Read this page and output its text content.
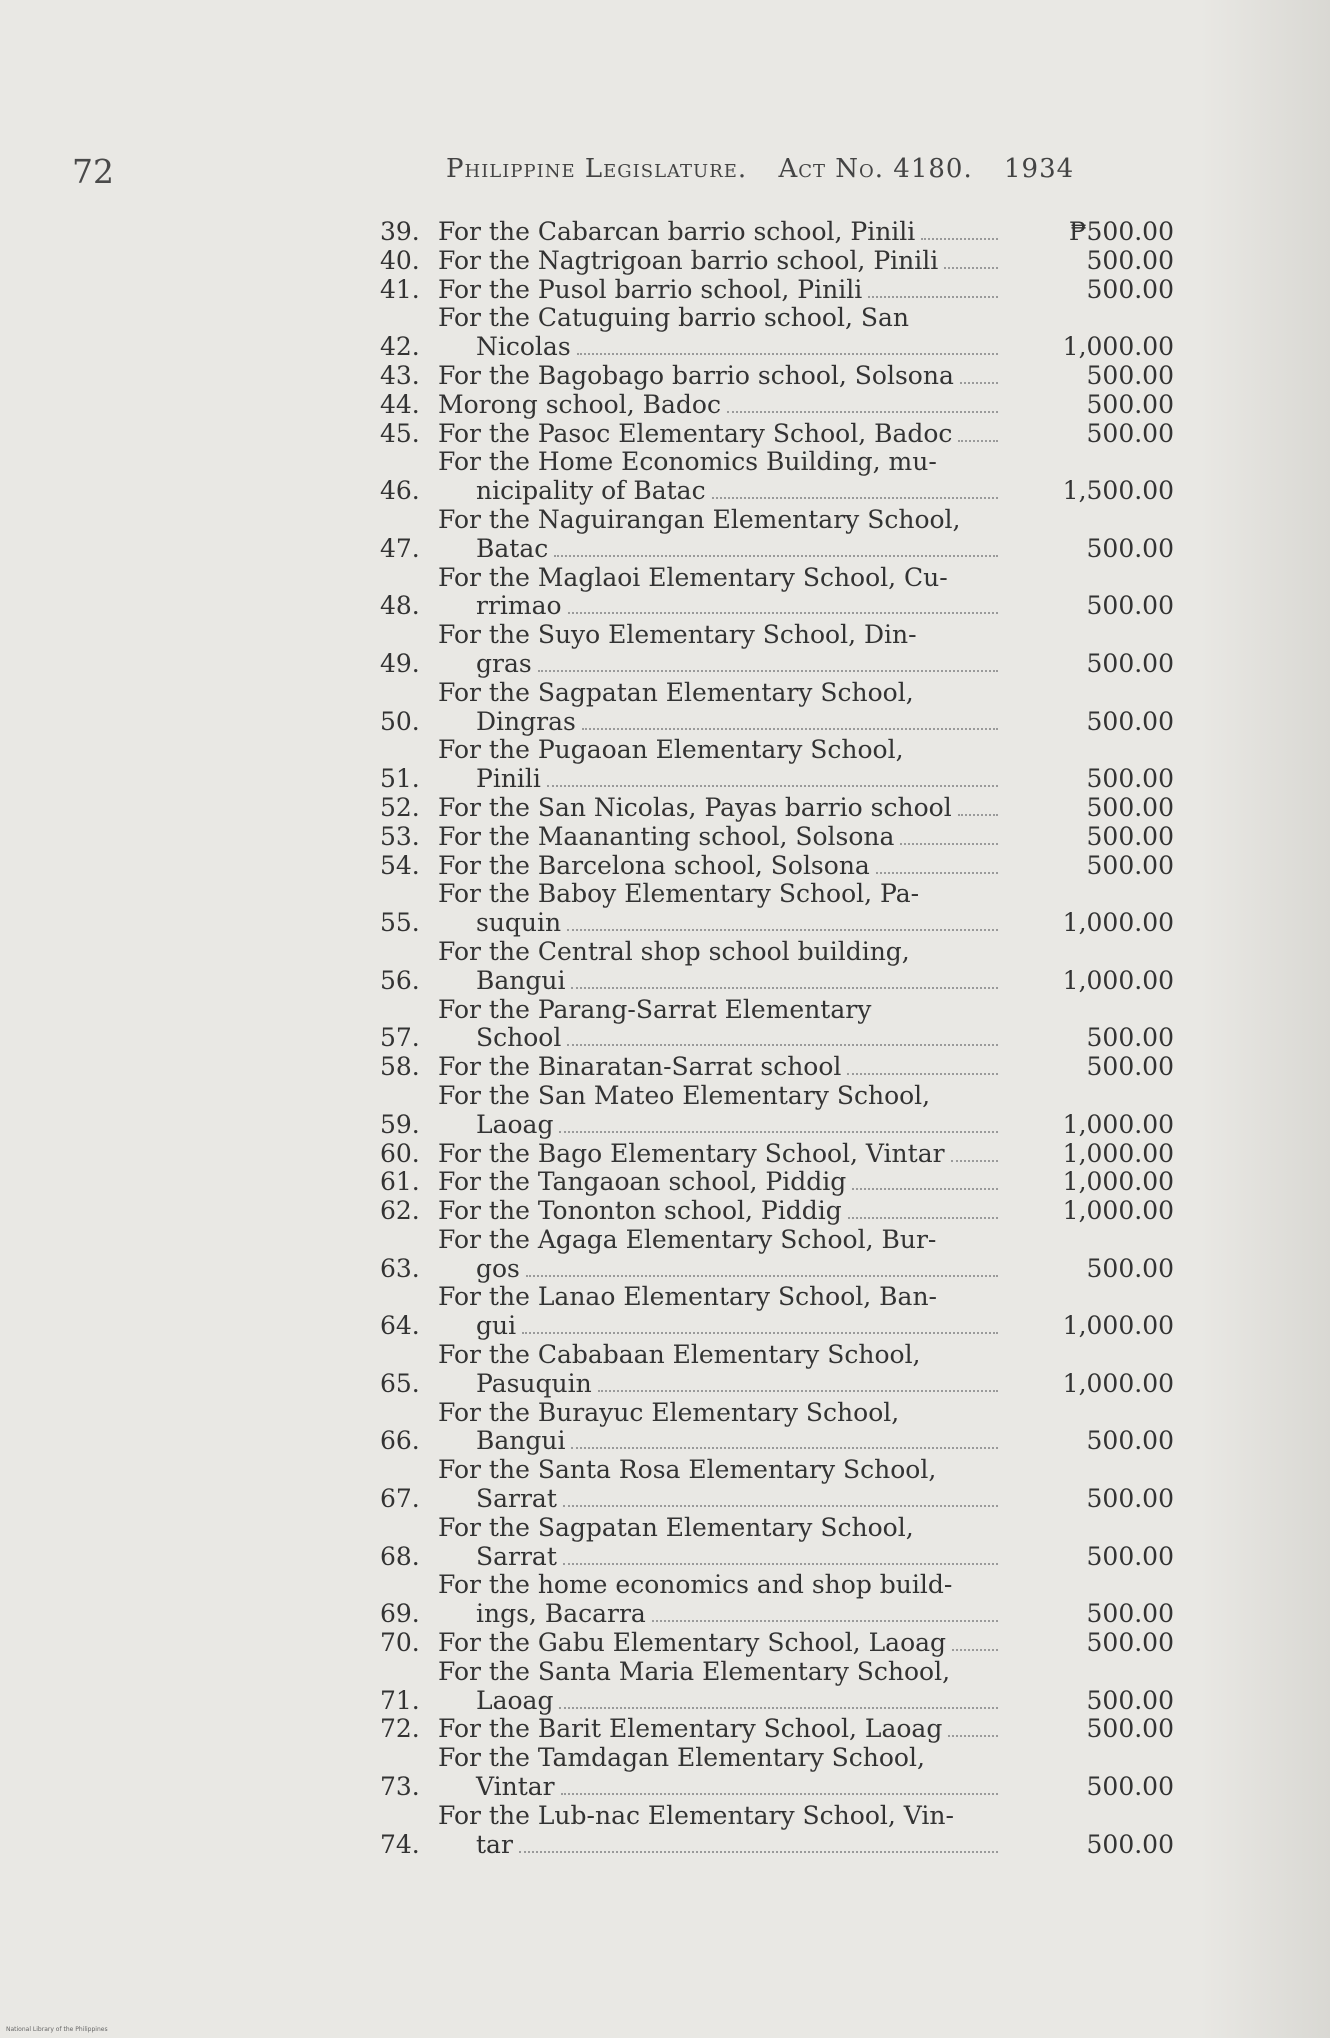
72	Philippine Legislature. Act No. 4180. 1934
39. For the Cabarcan barrio school, Pinili	₱500.00
40. For the Nagtrigoan barrio school, Pinili	500.00
41. For the Pusol barrio school, Pinili	500.00
42.
For the Catuguing barrio school, San
Nicolas	1,000.00
43. For the Bagobago barrio school, Solsona	500.00
44. Morong school, Badoc	500.00
45. For the Pasoc Elementary School, Badoc	500.00
46.
For the Home Economics Building, mu-
nicipality of Batac	1,500.00
47.
For the Naguirangan Elementary School,
Batac	500.00
48.
For the Maglaoi Elementary School, Cu-
rrimao	500.00
49.
For the Suyo Elementary School, Din-
gras	500.00
50.
For the Sagpatan Elementary School,
Dingras	500.00
51.
For the Pugaoan Elementary School,
Pinili	500.00
52. For the San Nicolas, Payas barrio school	500.00
53. For the Maananting school, Solsona	500.00
54. For the Barcelona school, Solsona	500.00
55.
For the Baboy Elementary School, Pa-
suquin	1,000.00
56.
For the Central shop school building,
Bangui	1,000.00
57.
For the Parang-Sarrat Elementary
School	500.00
58. For the Binaratan-Sarrat school	500.00
59.
For the San Mateo Elementary School,
Laoag	1,000.00
60. For the Bago Elementary School, Vintar	1,000.00
61. For the Tangaoan school, Piddig	1,000.00
62. For the Tononton school, Piddig	1,000.00
63.
For the Agaga Elementary School, Bur-
gos	500.00
64.
For the Lanao Elementary School, Ban-
gui	1,000.00
65.
For the Cababaan Elementary School,
Pasuquin	1,000.00
66.
For the Burayuc Elementary School,
Bangui	500.00
67.
For the Santa Rosa Elementary School,
Sarrat	500.00
68.
For the Sagpatan Elementary School,
Sarrat	500.00
69.
For the home economics and shop build-
ings, Bacarra	500.00
70. For the Gabu Elementary School, Laoag	500.00
71.
For the Santa Maria Elementary School,
Laoag	500.00
72. For the Barit Elementary School, Laoag	500.00
73.
For the Tamdagan Elementary School,
Vintar	500.00
74.
For the Lub-nac Elementary School, Vin-
tar	500.00
National Library of the Philippines
